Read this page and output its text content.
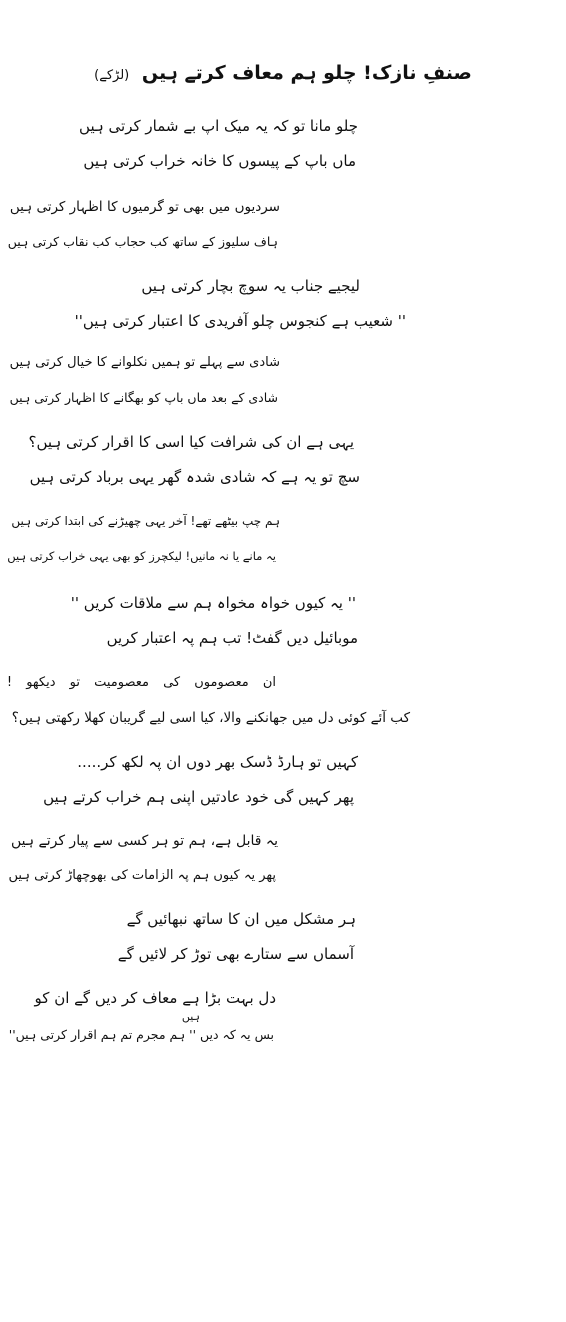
صنفِ نازک! چلو ہم معاف کرتے ہیں (لڑکے)
چلو مانا تو کہ یہ میک اپ بے شمار کرتی ہیں
ماں باپ کے پیسوں کا خانہ خراب کرتی ہیں
سردیوں میں بھی تو گرمیوں کا اظہار کرتی ہیں
ہاف سلیوز کے ساتھ کب حجاب کب نقاب کرتی ہیں
لیجیے جناب یہ سوچ بچار کرتی ہیں
'' شعیب ہے کنجوس چلو آفریدی کا اعتبار کرتی ہیں''
شادی سے پہلے تو ہمیں نکلوانے کا خیال کرتی ہیں
شادی کے بعد ماں باپ کو بھگانے کا اظہار کرتی ہیں
یہی ہے ان کی شرافت کیا اسی کا اقرار کرتی ہیں؟
سچ تو یہ ہے کہ شادی شدہ گھر یہی برباد کرتی ہیں
ہم چپ بیٹھے تھے! آخر یہی چھیڑنے کی ابتدا کرتی ہیں
یہ مانے یا نہ مانیں! لیکچرز کو بھی یہی خراب کرتی ہیں
'' یہ کیوں خواہ مخواہ ہم سے ملاقات کریں ''
موبائیل دیں گفٹ! تب ہم پہ اعتبار کریں
ان معصوموں کی معصومیت تو دیکھو !
کب آئے کوئی دل میں جھانکنے والا، کیا اسی لیے گریبان کھلا رکھتی ہیں؟
کہیں تو ہارڈ ڈسک بھر دوں ان پہ لکھ کر.....
پھر کہیں گی خود عادتیں اپنی ہم خراب کرتے ہیں
یہ قابل ہے، ہم تو ہر کسی سے پیار کرتے ہیں
پھر یہ کیوں ہم پہ الزامات کی بھوچھاڑ کرتی ہیں
ہر مشکل میں ان کا ساتھ نبھائیں گے
آسماں سے ستارے بھی توڑ کر لائیں گے
دل بہت بڑا ہے معاف کر دیں گے ان کو
ہیں
بس یہ کہ دیں '' ہم مجرم تم ہم اقرار کرتی ہیں''
